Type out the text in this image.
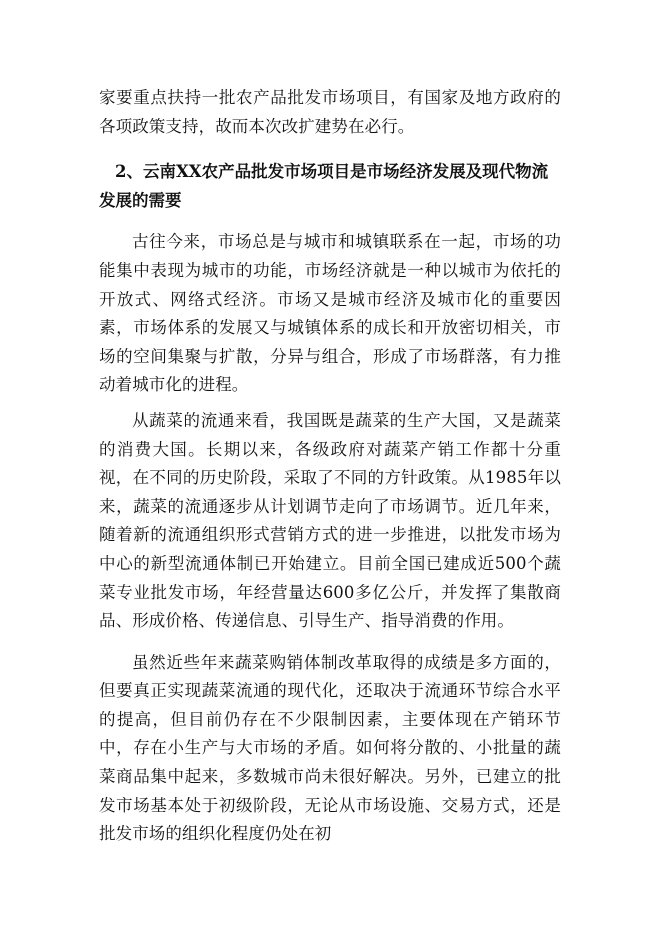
家要重点扶持一批农产品批发市场项目，有国家及地方政府的各项政策支持，故而本次改扩建势在必行。

2、云南XX农产品批发市场项目是市场经济发展及现代物流发展的需要

古往今来，市场总是与城市和城镇联系在一起，市场的功能集中表现为城市的功能，市场经济就是一种以城市为依托的开放式、网络式经济。市场又是城市经济及城市化的重要因素，市场体系的发展又与城镇体系的成长和开放密切相关，市场的空间集聚与扩散，分异与组合，形成了市场群落，有力推动着城市化的进程。

从蔬菜的流通来看，我国既是蔬菜的生产大国，又是蔬菜的消费大国。长期以来，各级政府对蔬菜产销工作都十分重视，在不同的历史阶段，采取了不同的方针政策。从1985年以来，蔬菜的流通逐步从计划调节走向了市场调节。近几年来，随着新的流通组织形式营销方式的进一步推进，以批发市场为中心的新型流通体制已开始建立。目前全国已建成近500个蔬菜专业批发市场，年经营量达600多亿公斤，并发挥了集散商品、形成价格、传递信息、引导生产、指导消费的作用。

虽然近些年来蔬菜购销体制改革取得的成绩是多方面的，但要真正实现蔬菜流通的现代化，还取决于流通环节综合水平的提高，但目前仍存在不少限制因素，主要体现在产销环节中，存在小生产与大市场的矛盾。如何将分散的、小批量的蔬菜商品集中起来，多数城市尚未很好解决。另外，已建立的批发市场基本处于初级阶段，无论从市场设施、交易方式，还是批发市场的组织化程度仍处在初
